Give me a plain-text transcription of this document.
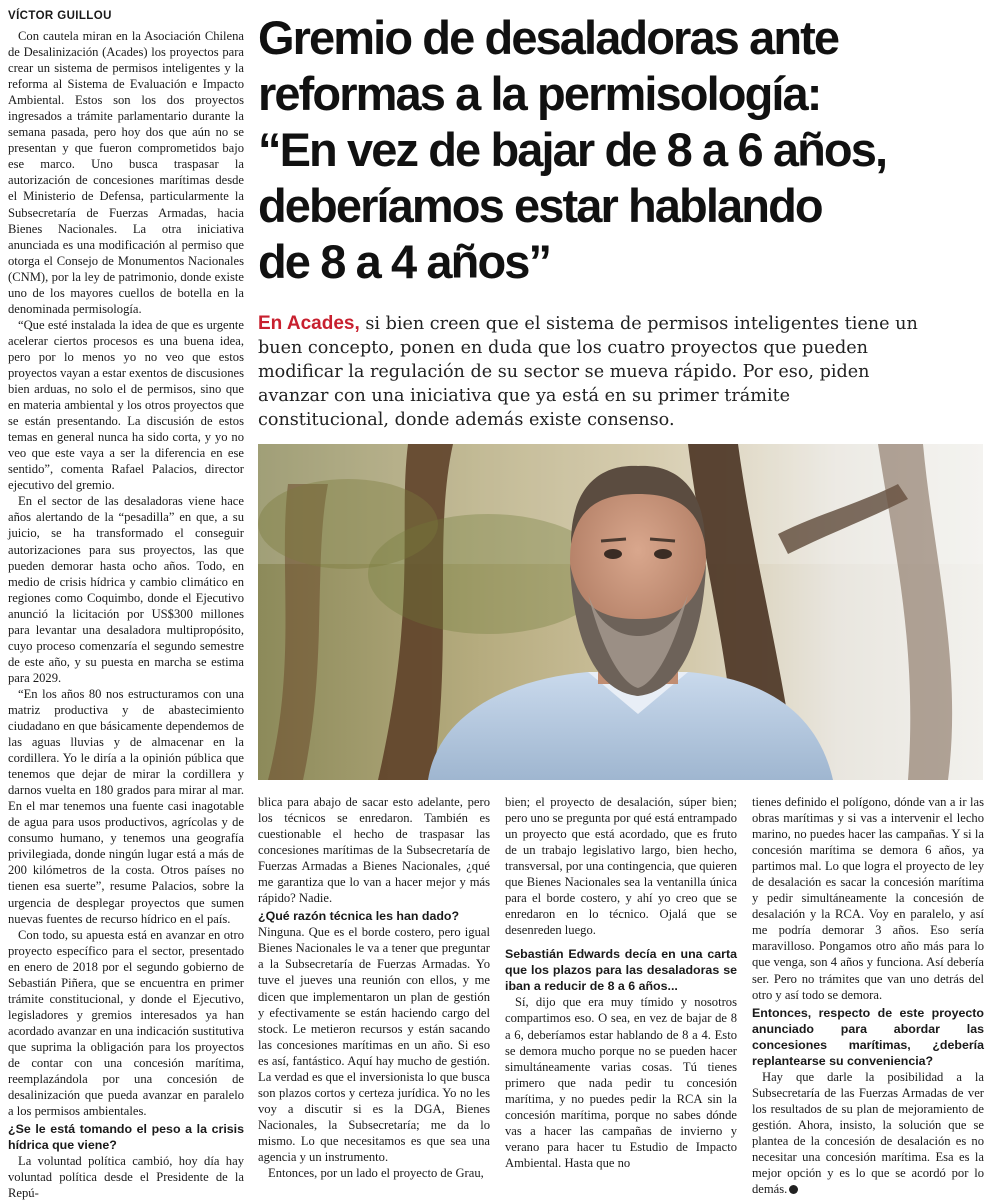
VÍCTOR GUILLOU	Gremio de desaladoras ante
reformas a la permisología:
“En vez de bajar de 8 a 6 años,
deberíamos estar hablando
de 8 a 4 años”
En Acades, si bien creen que el sistema de permisos inteligentes tiene un
buen concepto, ponen en duda que los cuatro proyectos que pueden
modificar la regulación de su sector se mueva rápido. Por eso, piden
avanzar con una iniciativa que ya está en su primer trámite
constitucional, donde además existe consenso.

Con cautela miran en la Asociación Chilena de Desalinización (Acades) los proyectos para crear un sistema de permisos inteligentes y la reforma al Sistema de Evaluación e Impacto Ambiental. Estos son los dos proyectos ingresados a trámite parlamentario durante la semana pasada, pero hoy dos que aún no se presentan y que fueron comprometidos bajo ese marco. Uno busca traspasar la autorización de concesiones marítimas desde el Ministerio de Defensa, particularmente la Subsecretaría de Fuerzas Armadas, hacia Bienes Nacionales. La otra iniciativa anunciada es una modificación al permiso que otorga el Consejo de Monumentos Nacionales (CNM), por la ley de patrimonio, donde existe uno de los mayores cuellos de botella en la denominada permisología.

“Que esté instalada la idea de que es urgente acelerar ciertos procesos es una buena idea, pero por lo menos yo no veo que estos proyectos vayan a estar exentos de discusiones bien arduas, no solo el de permisos, sino que en materia ambiental y los otros proyectos que se están presentando. La discusión de estos temas en general nunca ha sido corta, y yo no veo que este vaya a ser la diferencia en ese sentido”, comenta Rafael Palacios, director ejecutivo del gremio.

En el sector de las desaladoras viene hace años alertando de la “pesadilla” en que, a su juicio, se ha transformado el conseguir autorizaciones para sus proyectos, las que pueden demorar hasta ocho años. Todo, en medio de crisis hídrica y cambio climático en regiones como Coquimbo, donde el Ejecutivo anunció la licitación por US$300 millones para levantar una desaladora multipropósito, cuyo proceso comenzaría el segundo semestre de este año, y su puesta en marcha se estima para 2029.

“En los años 80 nos estructuramos con una matriz productiva y de abastecimiento ciudadano en que básicamente dependemos de las aguas lluvias y de almacenar en la cordillera. Yo le diría a la opinión pública que tenemos que dejar de mirar la cordillera y darnos vuelta en 180 grados para mirar al mar. En el mar tenemos una fuente casi inagotable de agua para usos productivos, agrícolas y de consumo humano, y tenemos una geografía privilegiada, donde ningún lugar está a más de 200 kilómetros de la costa. Otros países no tienen esa suerte”, resume Palacios, sobre la urgencia de desplegar proyectos que sumen nuevas fuentes de recurso hídrico en el país.

Con todo, su apuesta está en avanzar en otro proyecto específico para el sector, presentado en enero de 2018 por el segundo gobierno de Sebastián Piñera, que se encuentra en primer trámite constitucional, y donde el Ejecutivo, legisladores y gremios interesados ya han acordado avanzar en una indicación sustitutiva que suprima la obligación para los proyectos de contar con una concesión marítima, reemplazándola por una concesión de desalinización que pueda avanzar en paralelo a los permisos ambientales.

¿Se le está tomando el peso a la crisis hídrica que viene?

La voluntad política cambió, hoy día hay voluntad política desde el Presidente de la Repú-

blica para abajo de sacar esto adelante, pero los técnicos se enredaron. También es cuestionable el hecho de traspasar las concesiones marítimas de la Subsecretaría de Fuerzas Armadas a Bienes Nacionales, ¿qué me garantiza que lo van a hacer mejor y más rápido? Nadie.

¿Qué razón técnica les han dado?

Ninguna. Que es el borde costero, pero igual Bienes Nacionales le va a tener que preguntar a la Subsecretaría de Fuerzas Armadas. Yo tuve el jueves una reunión con ellos, y me dicen que implementaron un plan de gestión y efectivamente se están haciendo cargo del stock. Le metieron recursos y están sacando las concesiones marítimas en un año. Si eso es así, fantástico. Aquí hay mucho de gestión. La verdad es que el inversionista lo que busca son plazos cortos y certeza jurídica. Yo no les voy a discutir si es la DGA, Bienes Nacionales, la Subsecretaría; me da lo mismo. Lo que necesitamos es que sea una agencia y un instrumento.

Entonces, por un lado el proyecto de Grau,

bien; el proyecto de desalación, súper bien; pero uno se pregunta por qué está entrampado un proyecto que está acordado, que es fruto de un trabajo legislativo largo, bien hecho, transversal, por una contingencia, que quieren que Bienes Nacionales sea la ventanilla única para el borde costero, y ahí yo creo que se enredaron en lo técnico. Ojalá que se desenreden luego.

Sebastián Edwards decía en una carta que los plazos para las desaladoras se iban a reducir de 8 a 6 años...

Sí, dijo que era muy tímido y nosotros compartimos eso. O sea, en vez de bajar de 8 a 6, deberíamos estar hablando de 8 a 4. Esto se demora mucho porque no se pueden hacer simultáneamente varias cosas. Tú tienes primero que nada pedir tu concesión marítima, y no puedes pedir la RCA sin la concesión marítima, porque no sabes dónde vas a hacer las campañas de invierno y verano para hacer tu Estudio de Impacto Ambiental. Hasta que no

tienes definido el polígono, dónde van a ir las obras marítimas y si vas a intervenir el lecho marino, no puedes hacer las campañas. Y si la concesión marítima se demora 6 años, ya partimos mal. Lo que logra el proyecto de ley de desalación es sacar la concesión marítima y pedir simultáneamente la concesión de desalación y la RCA. Voy en paralelo, y así me podría demorar 3 años. Eso sería maravilloso. Pongamos otro año más para lo que venga, son 4 años y funciona. Así debería ser. Pero no trámites que van uno detrás del otro y así todo se demora.

Entonces, respecto de este proyecto anunciado para abordar las concesiones marítimas, ¿debería replantearse su conveniencia?

Hay que darle la posibilidad a la Subsecretaría de las Fuerzas Armadas de ver los resultados de su plan de mejoramiento de gestión. Ahora, insisto, la solución que se plantea de la concesión de desalación es no necesitar una concesión marítima. Esa es la mejor opción y es lo que se acordó por lo demás.
